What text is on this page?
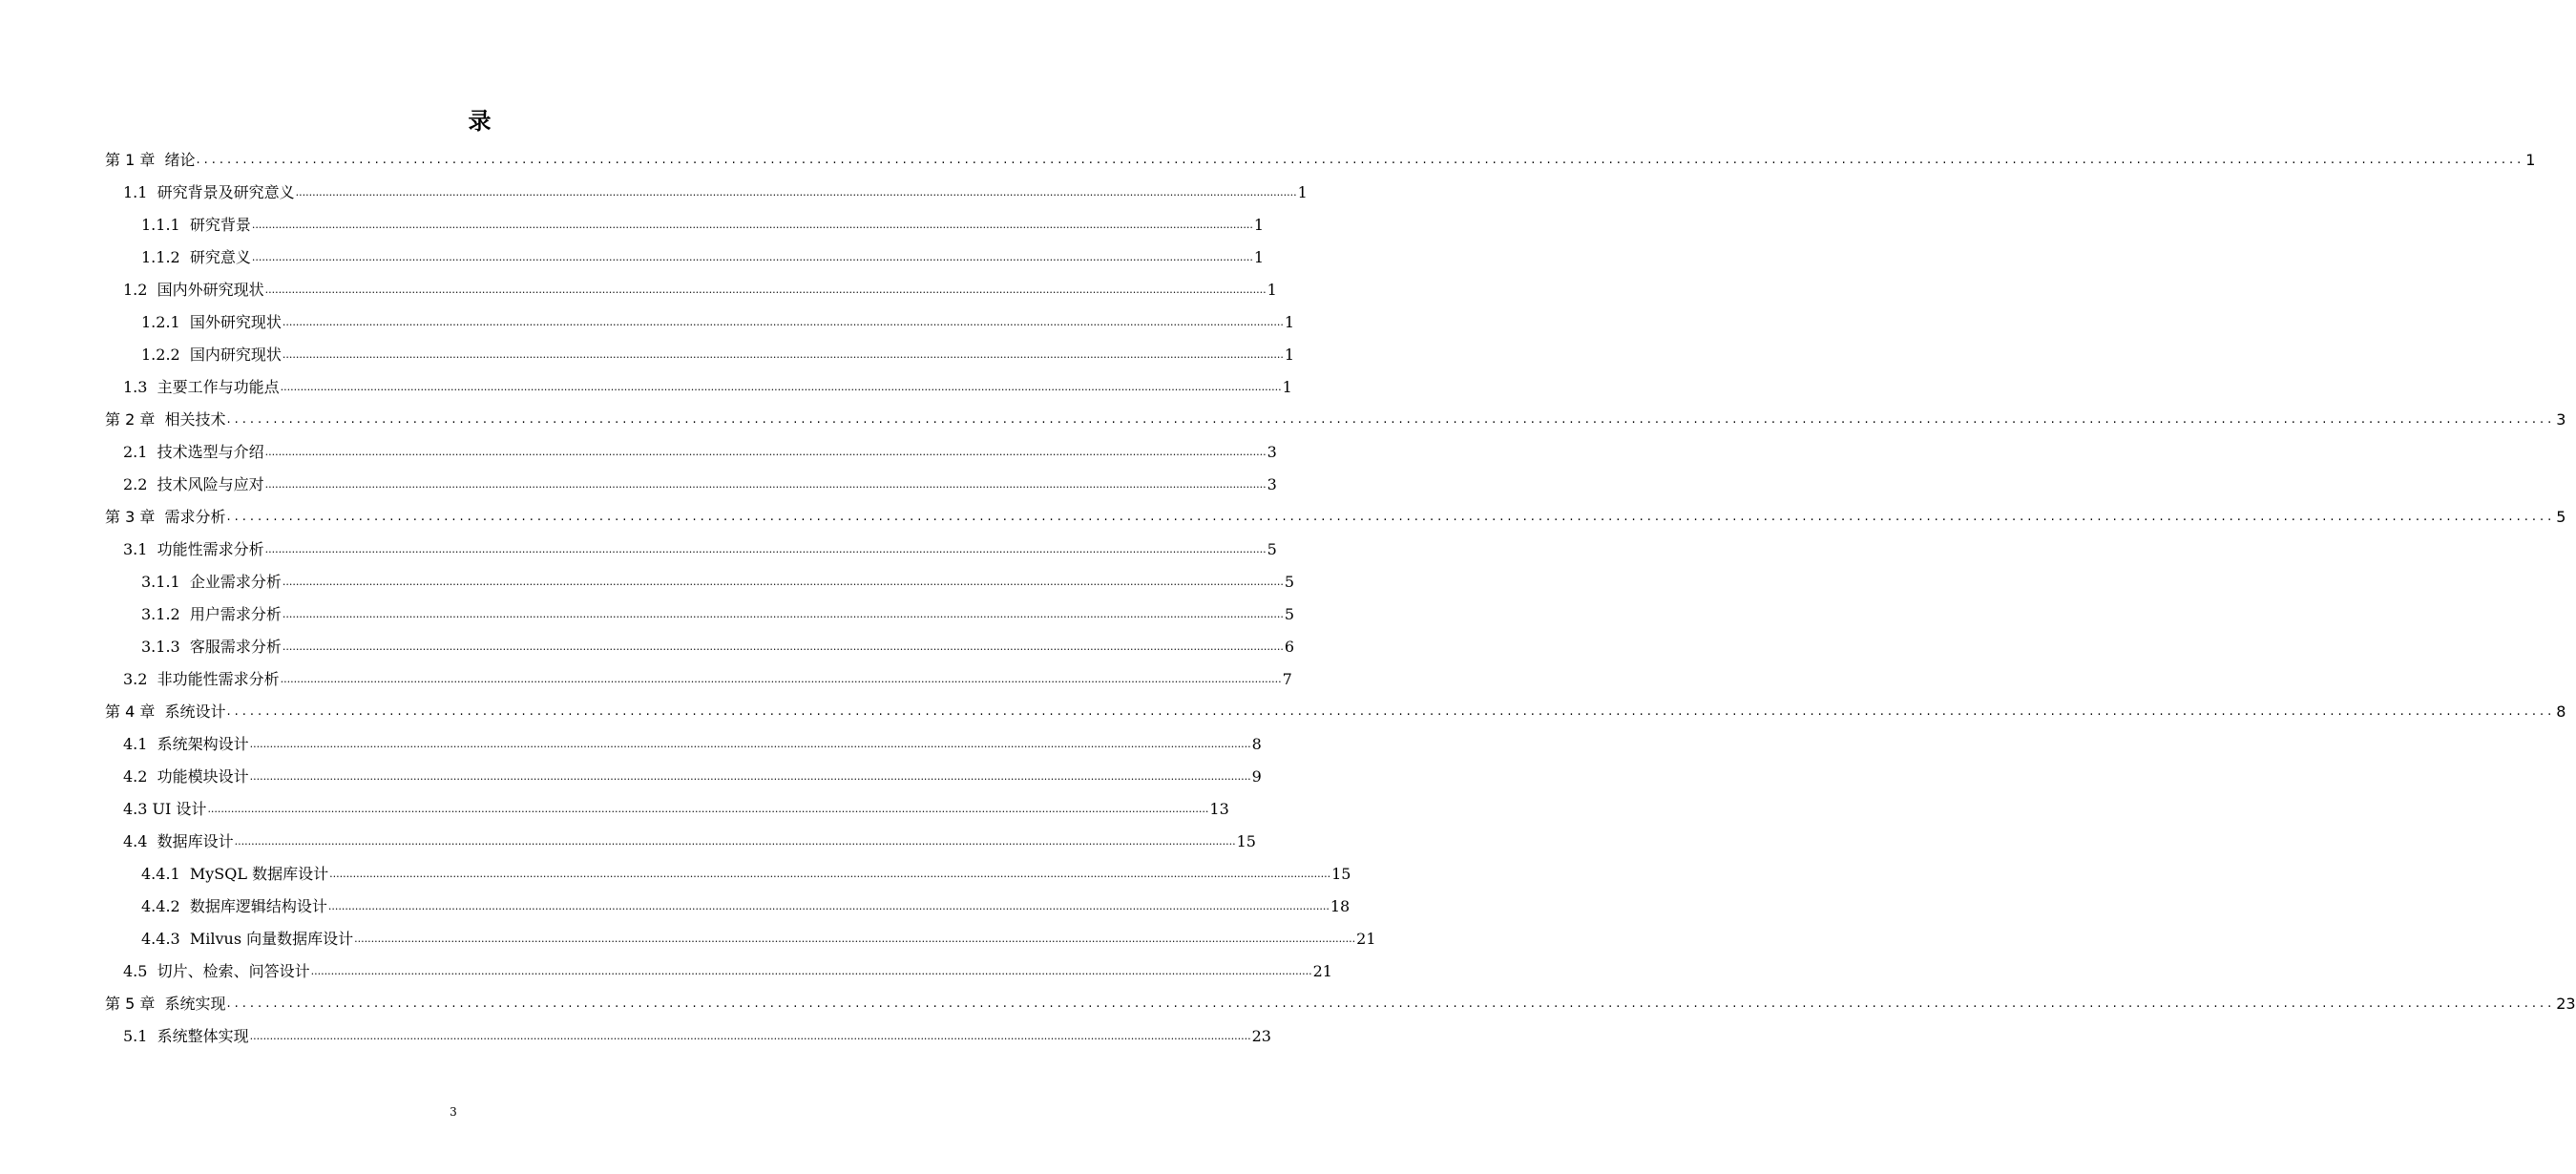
录
第 1 章  绪论 ............................................................................................................................................................................................................................................................................................................ 1
1.1  研究背景及研究意义 ............................................................................................................................................................................................................................................................................................................ 1
1.1.1  研究背景 ............................................................................................................................................................................................................................................................................................................ 1
1.1.2  研究意义 ............................................................................................................................................................................................................................................................................................................ 1
1.2  国内外研究现状 ............................................................................................................................................................................................................................................................................................................ 1
1.2.1  国外研究现状 ............................................................................................................................................................................................................................................................................................................ 1
1.2.2  国内研究现状 ............................................................................................................................................................................................................................................................................................................ 1
1.3  主要工作与功能点 ............................................................................................................................................................................................................................................................................................................ 1
第 2 章  相关技术 ............................................................................................................................................................................................................................................................................................................ 3
2.1  技术选型与介绍 ............................................................................................................................................................................................................................................................................................................ 3
2.2  技术风险与应对 ............................................................................................................................................................................................................................................................................................................ 3
第 3 章  需求分析 ............................................................................................................................................................................................................................................................................................................ 5
3.1  功能性需求分析 ............................................................................................................................................................................................................................................................................................................ 5
3.1.1  企业需求分析 ............................................................................................................................................................................................................................................................................................................ 5
3.1.2  用户需求分析 ............................................................................................................................................................................................................................................................................................................ 5
3.1.3  客服需求分析 ............................................................................................................................................................................................................................................................................................................ 6
3.2  非功能性需求分析 ............................................................................................................................................................................................................................................................................................................ 7
第 4 章  系统设计 ............................................................................................................................................................................................................................................................................................................ 8
4.1  系统架构设计 ............................................................................................................................................................................................................................................................................................................ 8
4.2  功能模块设计 ............................................................................................................................................................................................................................................................................................................ 9
4.3 UI 设计 ............................................................................................................................................................................................................................................................................................................ 13
4.4  数据库设计 ............................................................................................................................................................................................................................................................................................................ 15
4.4.1  MySQL 数据库设计 ............................................................................................................................................................................................................................................................................................................ 15
4.4.2  数据库逻辑结构设计 ............................................................................................................................................................................................................................................................................................................ 18
4.4.3  Milvus 向量数据库设计 ............................................................................................................................................................................................................................................................................................................ 21
4.5  切片、检索、问答设计 ............................................................................................................................................................................................................................................................................................................ 21
第 5 章  系统实现 ............................................................................................................................................................................................................................................................................................................ 23
5.1  系统整体实现 ............................................................................................................................................................................................................................................................................................................ 23
3
